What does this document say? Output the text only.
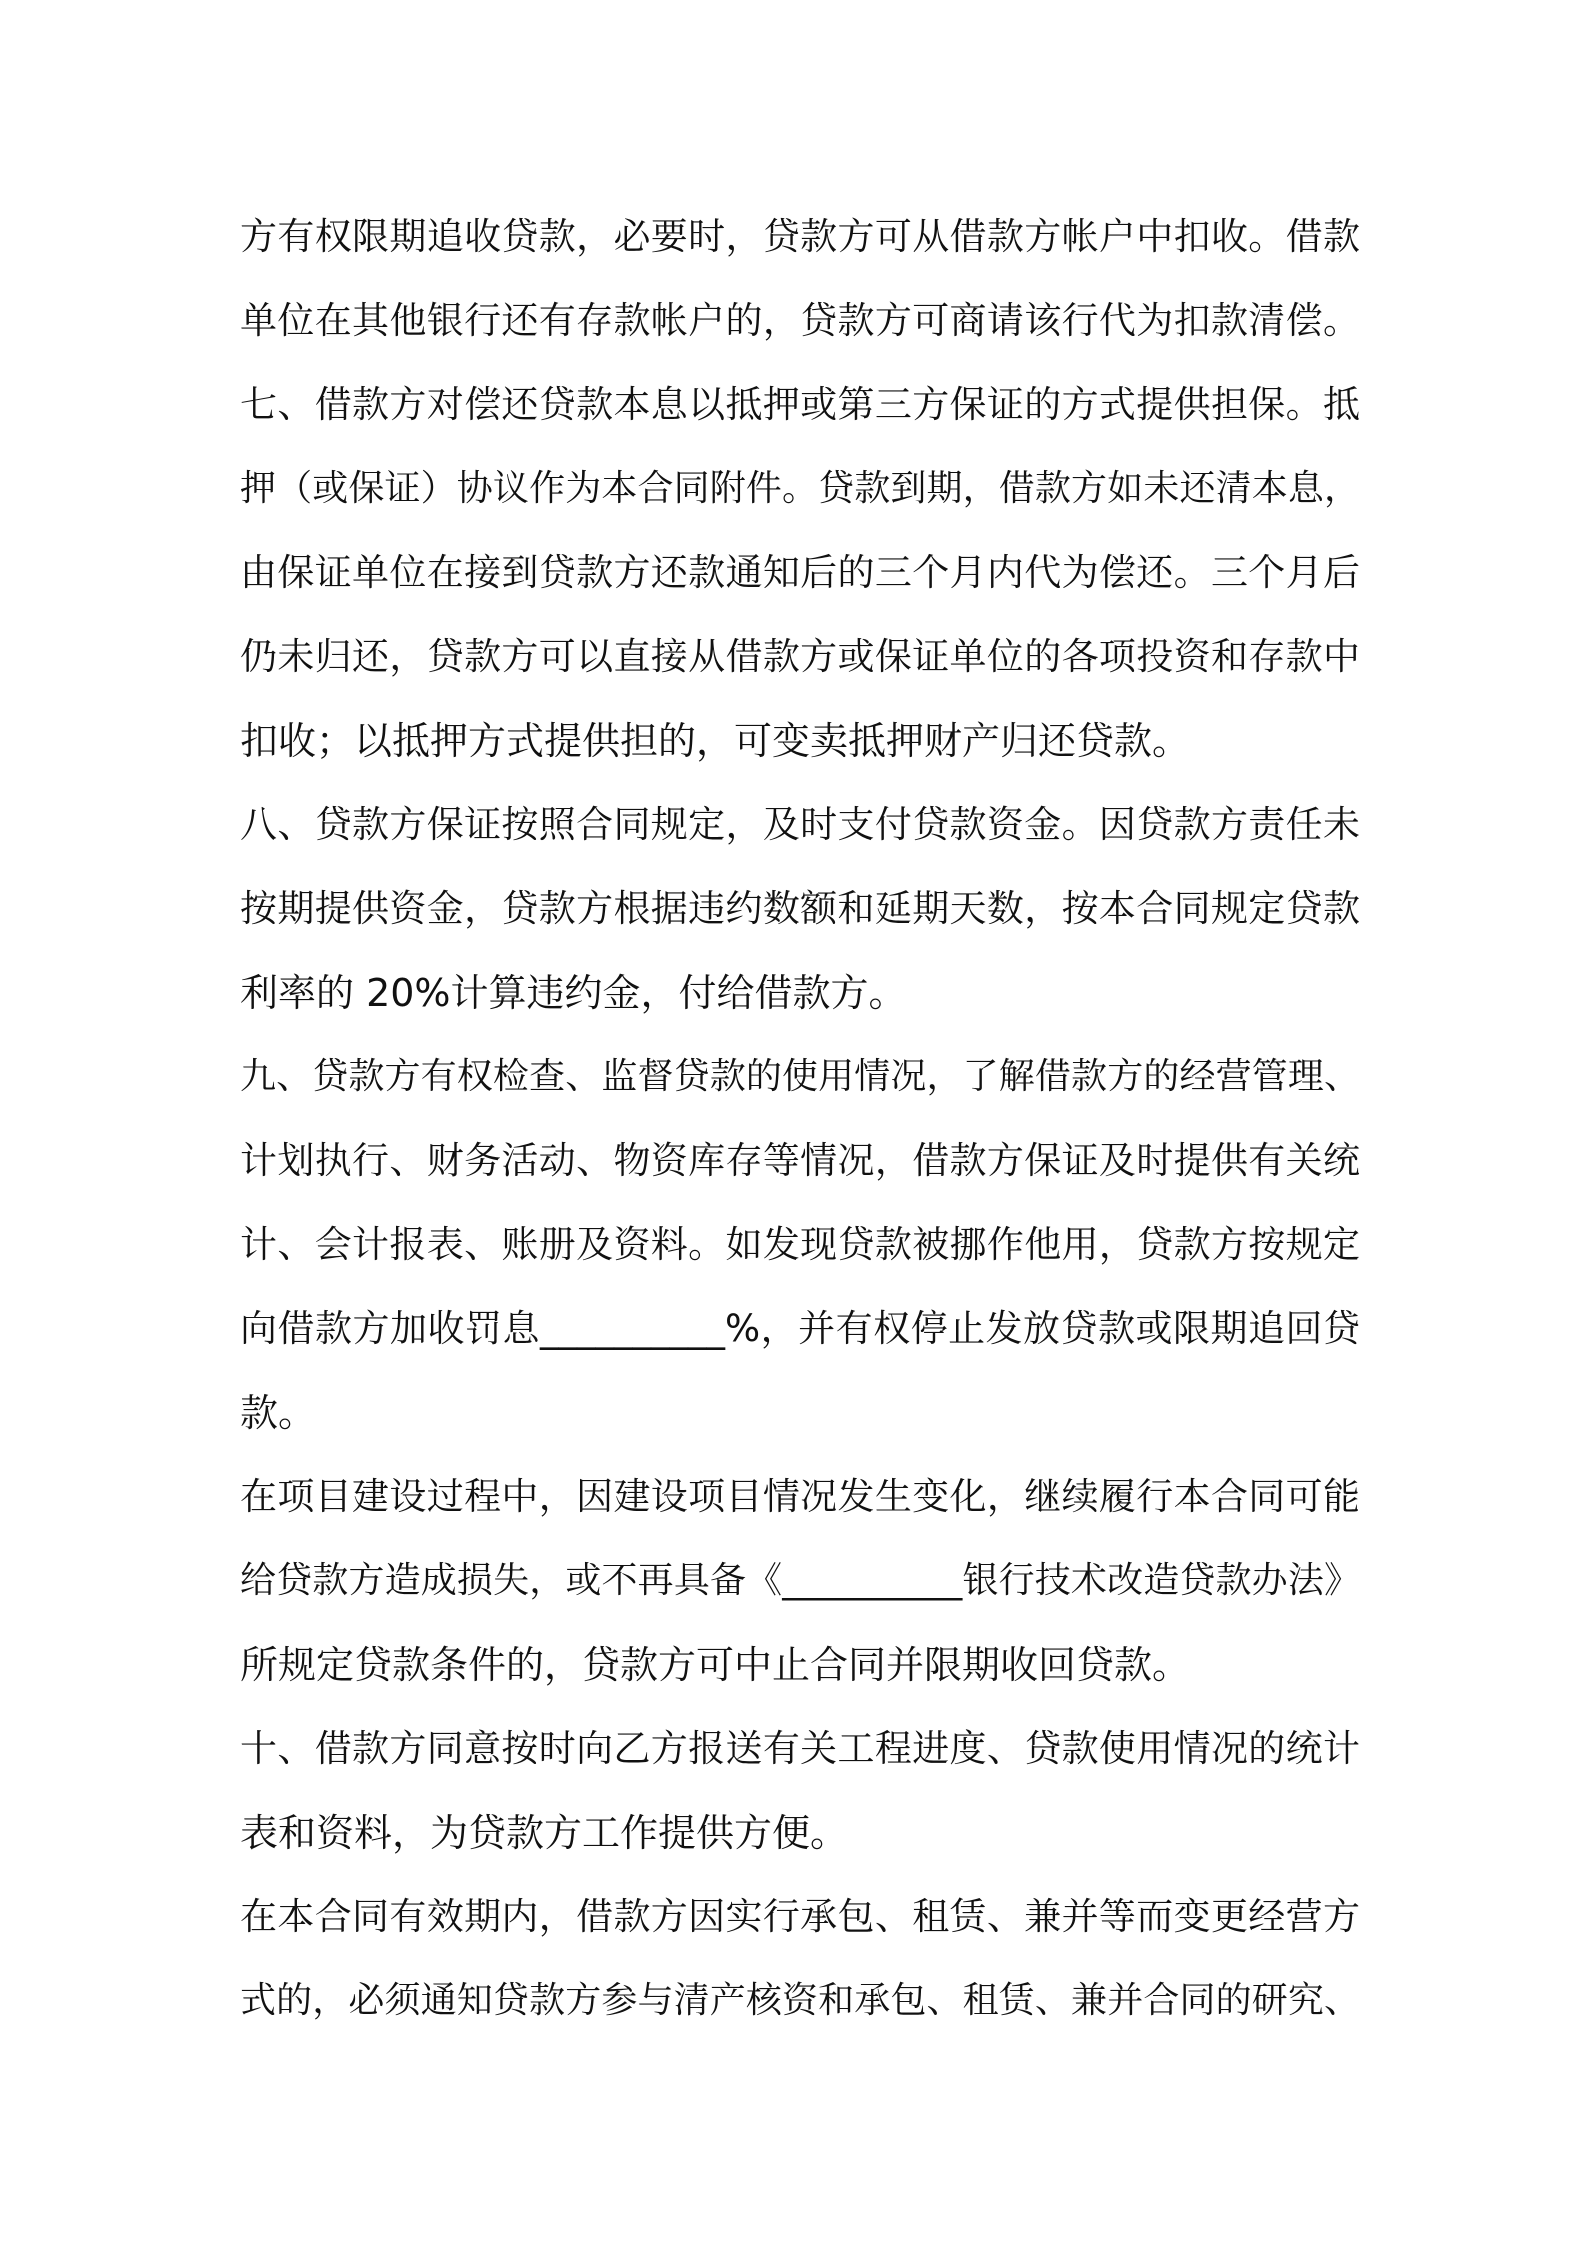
方有权限期追收贷款，必要时，贷款方可从借款方帐户中扣收。借款
单位在其他银行还有存款帐户的，贷款方可商请该行代为扣款清偿。
七、借款方对偿还贷款本息以抵押或第三方保证的方式提供担保。抵
押（或保证）协议作为本合同附件。贷款到期，借款方如未还清本息，
由保证单位在接到贷款方还款通知后的三个月内代为偿还。三个月后
仍未归还，贷款方可以直接从借款方或保证单位的各项投资和存款中
扣收；以抵押方式提供担的，可变卖抵押财产归还贷款。
八、贷款方保证按照合同规定，及时支付贷款资金。因贷款方责任未
按期提供资金，贷款方根据违约数额和延期天数，按本合同规定贷款
利率的 20%计算违约金，付给借款方。
九、贷款方有权检查、监督贷款的使用情况，了解借款方的经营管理、
计划执行、财务活动、物资库存等情况，借款方保证及时提供有关统
计、会计报表、账册及资料。如发现贷款被挪作他用，贷款方按规定
向借款方加收罚息__________%，并有权停止发放贷款或限期追回贷
款。
在项目建设过程中，因建设项目情况发生变化，继续履行本合同可能
给贷款方造成损失，或不再具备《__________银行技术改造贷款办法》
所规定贷款条件的，贷款方可中止合同并限期收回贷款。
十、借款方同意按时向乙方报送有关工程进度、贷款使用情况的统计
表和资料，为贷款方工作提供方便。
在本合同有效期内，借款方因实行承包、租赁、兼并等而变更经营方
式的，必须通知贷款方参与清产核资和承包、租赁、兼并合同的研究、
